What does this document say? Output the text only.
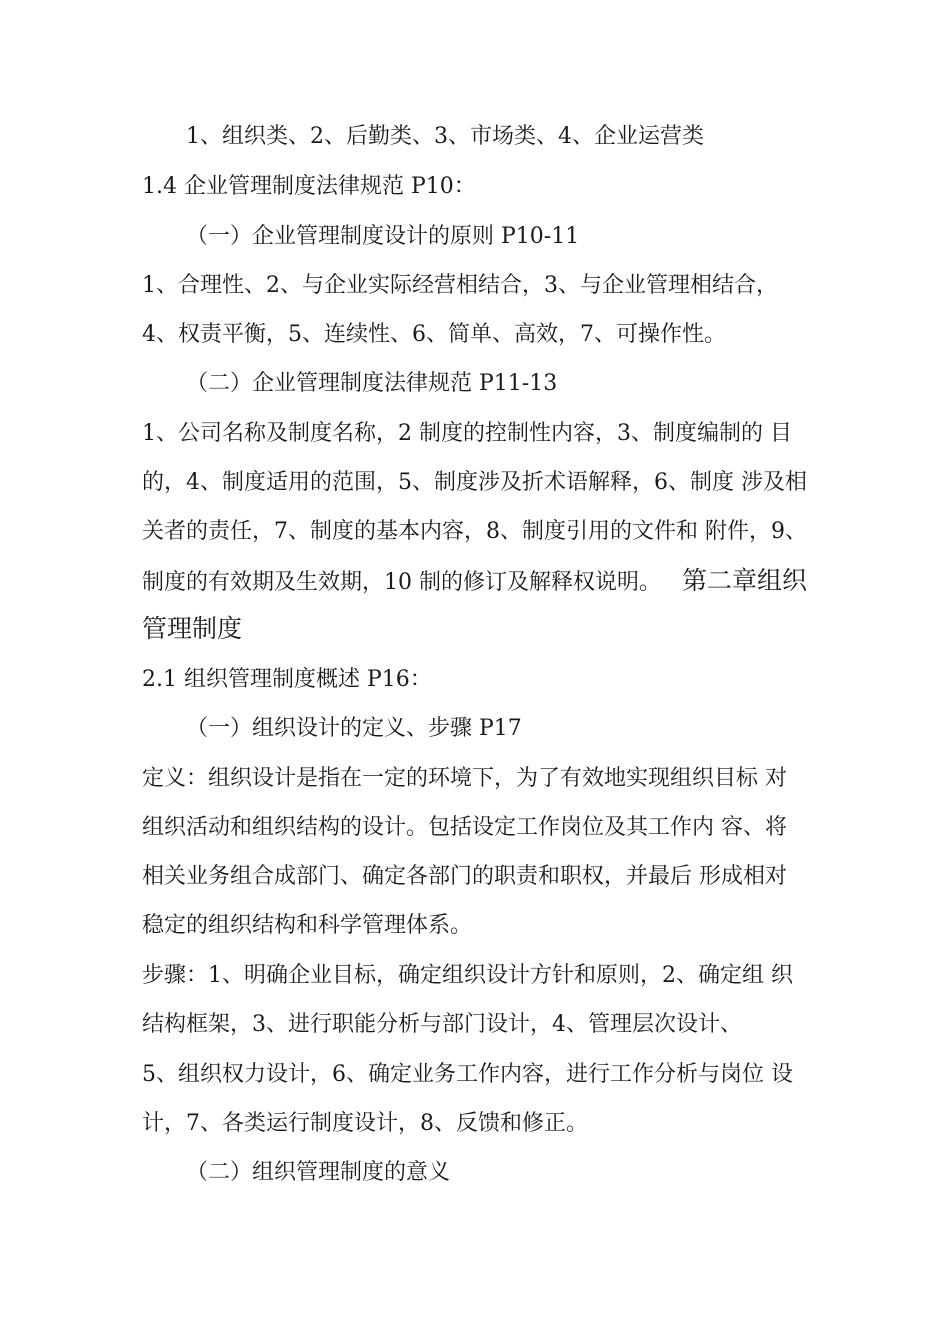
1、组织类、2、后勤类、3、市场类、4、企业运营类
1.4 企业管理制度法律规范 P10：
（一）企业管理制度设计的原则 P10-11
1、合理性、2、与企业实际经营相结合，3、与企业管理相结合，
4、权责平衡，5、连续性、6、简单、高效，7、可操作性。
（二）企业管理制度法律规范 P11-13
1、公司名称及制度名称，2 制度的控制性内容，3、制度编制的 目
的，4、制度适用的范围，5、制度涉及折术语解释，6、制度 涉及相
关者的责任，7、制度的基本内容，8、制度引用的文件和 附件，9、
制度的有效期及生效期，10 制的修订及解释权说明。 第二章组织
管理制度
2.1 组织管理制度概述 P16：
（一）组织设计的定义、步骤 P17
定义：组织设计是指在一定的环境下，为了有效地实现组织目标 对
组织活动和组织结构的设计。包括设定工作岗位及其工作内 容、将
相关业务组合成部门、确定各部门的职责和职权，并最后 形成相对
稳定的组织结构和科学管理体系。
步骤：1、明确企业目标，确定组织设计方针和原则，2、确定组 织
结构框架，3、进行职能分析与部门设计，4、管理层次设计、
5、组织权力设计，6、确定业务工作内容，进行工作分析与岗位 设
计，7、各类运行制度设计，8、反馈和修正。
（二）组织管理制度的意义
